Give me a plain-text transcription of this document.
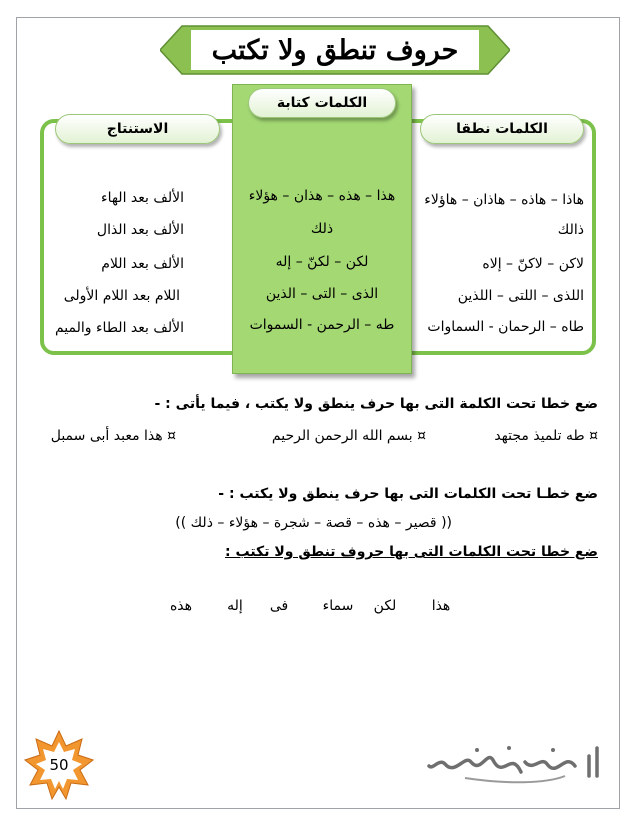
حروف تنطق ولا تكتب
الاستنتاج	الكلمات نطقا
الكلمات كتابة
هاذا – هاذه – هاذان – هاؤلاء
ذالك
لاكن – لاكنّ – إلاه
اللذى – اللتى – اللذين
طاه – الرحمان - السماوات
هذا – هذه – هذان – هؤلاء
ذلك
لكن – لكنّ – إله
الذى – التى – الذين
طه – الرحمن - السموات
الألف بعد الهاء
الألف بعد الذال
الألف بعد اللام
اللام بعد اللام الأولى
الألف بعد الطاء والميم
ضع خطا تحت الكلمة التى بها حرف ينطق ولا يكتب ، فيما يأتى : -
¤ طه تلميذ مجتهد
¤ بسم الله الرحمن الرحيم
¤ هذا معبد أبى سمبل
ضع خطـا تحت الكلمات التى بها حرف ينطق ولا يكتب : -
(( قصير – هذه – قصة – شجرة – هؤلاء – ذلك ))
ضع خطا تحت الكلمات التى بها حروف تنطق ولا تكتب :
هذا
لكن
سماء
فى
إله
هذه
50
